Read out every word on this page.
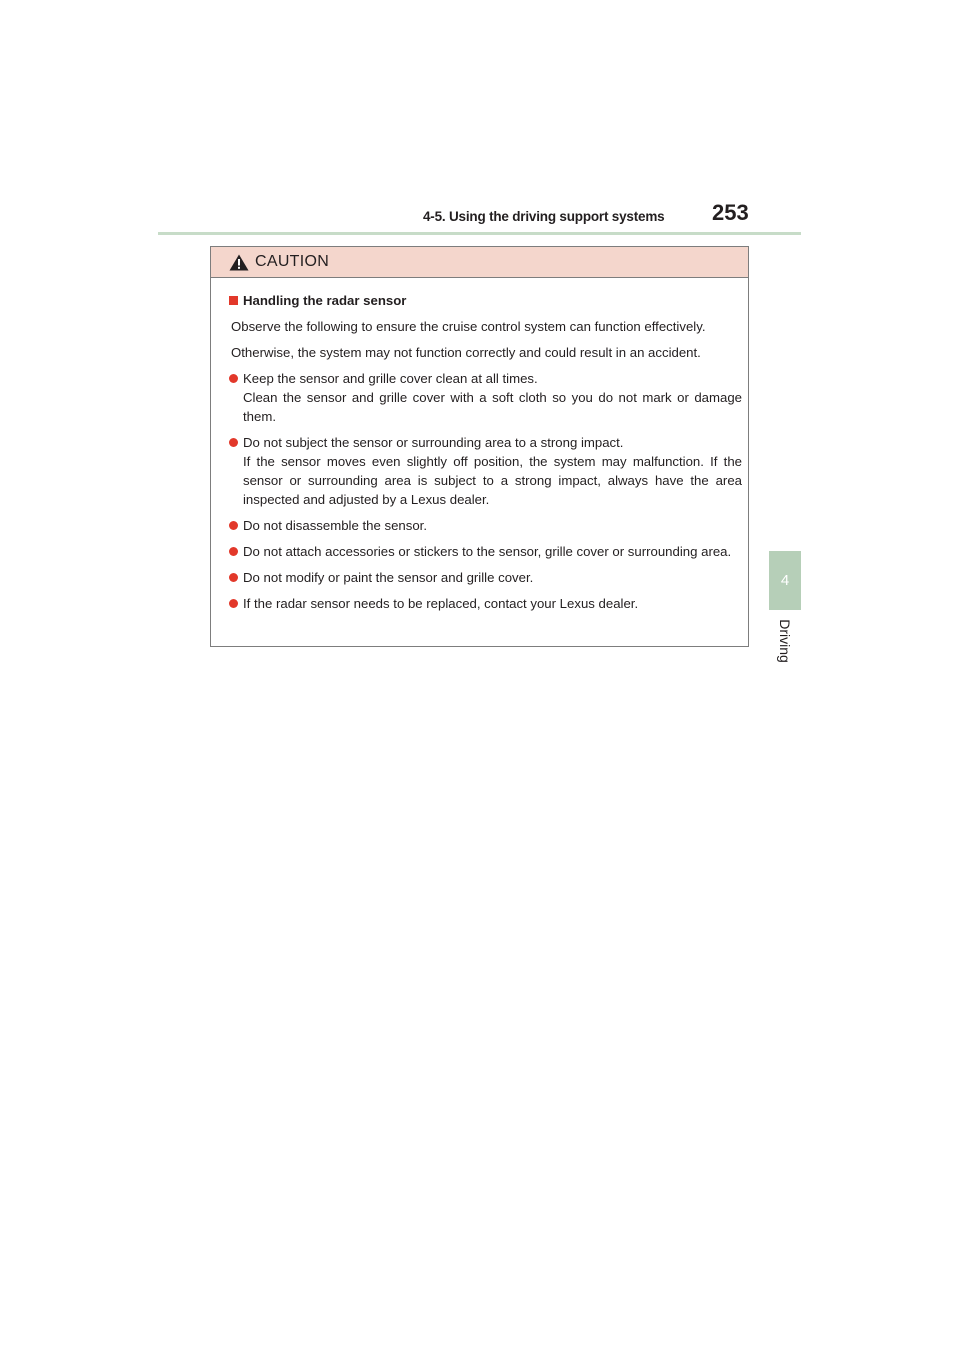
4-5. Using the driving support systems	253
4
Driving
CAUTION
Handling the radar sensor
Observe the following to ensure the cruise control system can function effectively.
Otherwise, the system may not function correctly and could result in an accident.
Keep the sensor and grille cover clean at all times.
Clean the sensor and grille cover with a soft cloth so you do not mark or damage them.
Do not subject the sensor or surrounding area to a strong impact.
If the sensor moves even slightly off position, the system may malfunction. If the sensor or surrounding area is subject to a strong impact, always have the area inspected and adjusted by a Lexus dealer.
Do not disassemble the sensor.
Do not attach accessories or stickers to the sensor, grille cover or surrounding area.
Do not modify or paint the sensor and grille cover.
If the radar sensor needs to be replaced, contact your Lexus dealer.
